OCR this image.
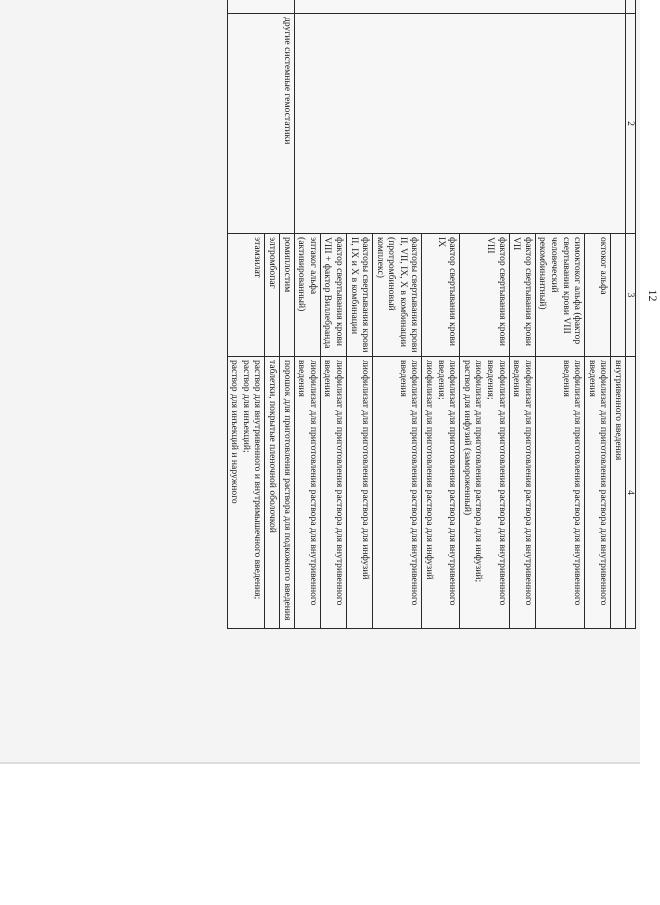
12
	2	3	4

			внутривенного введения

		октоког альфа	лиофилизат для приготовления раствора для внутривенного введения

		симоктоког альфа (фактор свертывания крови VIII человеческий рекомбинантный)	лиофилизат для приготовления раствора для внутривенного введения

		фактор свертывания крови VII	лиофилизат для приготовления раствора для внутривенного введения

		фактор свертывания крови VIII	лиофилизат для приготовления раствора для внутривенного введения;
лиофилизат для приготовления раствора для инфузий;
раствор для инфузий (замороженный)

		фактор свертывания крови IX	лиофилизат для приготовления раствора для внутривенного введения;
лиофилизат для приготовления раствора для инфузий

		факторы свертывания крови II, VII, IX, X в комбинации (протромбиновый комплекс)	лиофилизат для приготовления раствора для внутривенного введения

		факторы свертывания крови II, IX и X в комбинации	лиофилизат для приготовления раствора для инфузий

		фактор свертывания крови VIII + фактор Виллебранда	лиофилизат для приготовления раствора для внутривенного введения

		эптаког альфа (активированный)	лиофилизат для приготовления раствора для внутривенного введения

	другие системные гемостатики	ромиплостим	порошок для приготовления раствора для подкожного введения

		элтромбопаг	таблетки, покрытые пленочной оболочкой

		этамзилат	раствор для внутривенного и внутримышечного введения;
раствор для инъекций;
раствор для инъекций и наружного
